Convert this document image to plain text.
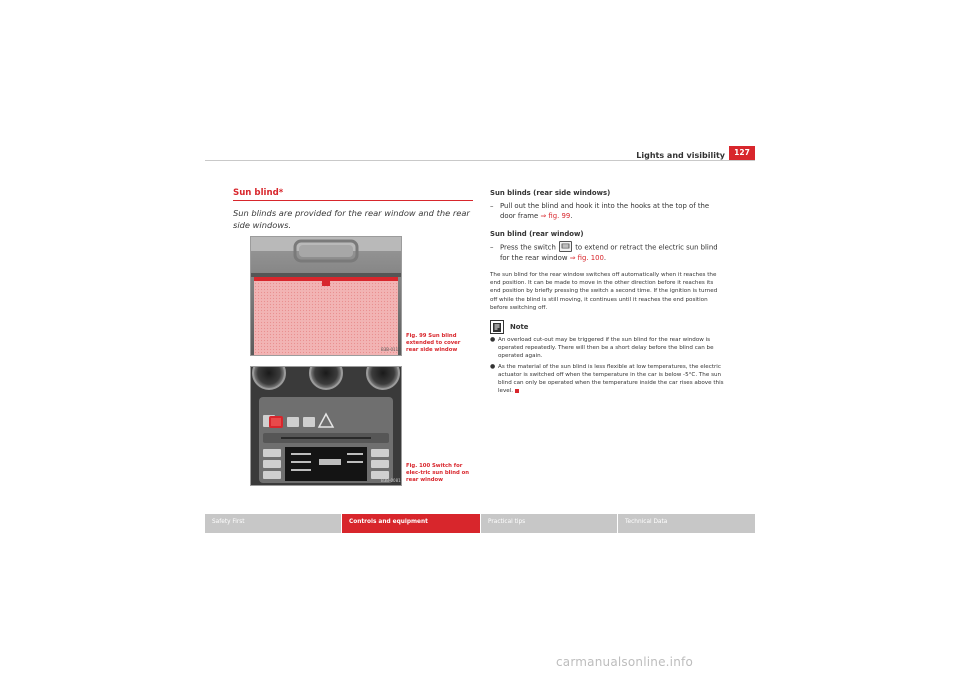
Lights and visibility	127
Sun blind*
Sun blinds are provided for the rear window and the rear side windows.
B3B-0112
Fig. 99 Sun blind extended to cover rear side window
B3B-0081
Fig. 100 Switch for elec-tric sun blind on rear window
Sun blinds (rear side windows)
– Pull out the blind and hook it into the hooks at the top of the door frame ⇒ fig. 99.
Sun blind (rear window)
– Press the switch	to extend or retract the electric sun blind for the rear window ⇒ fig. 100.
The sun blind for the rear window switches off automatically when it reaches the end position. It can be made to move in the other direction before it reaches its end position by briefly pressing the switch a second time. If the ignition is turned off while the blind is still moving, it continues until it reaches the end position before switching off.
Note
● An overload cut-out may be triggered if the sun blind for the rear window is operated repeatedly. There will then be a short delay before the blind can be operated again.
● As the material of the sun blind is less flexible at low temperatures, the electric actuator is switched off when the temperature in the car is below -5°C. The sun blind can only be operated when the temperature inside the car rises above this level.
Safety First	Controls and equipment	Practical tips	Technical Data
carmanualsonline.info
